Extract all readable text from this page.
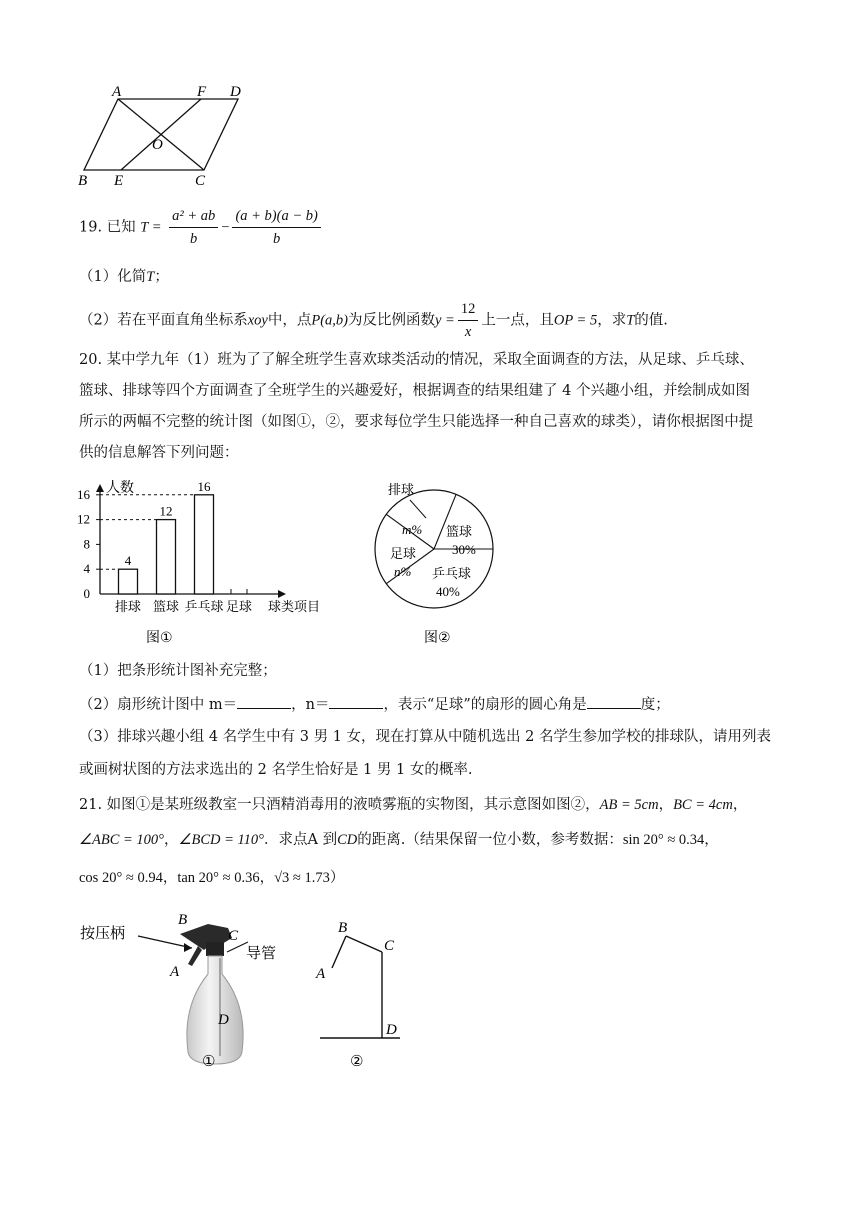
A	F D
O
B E	C
19. 已知 $T = \frac{\text{a² + ab}}{b} - \frac{(a + b)(a - b)}{b}$
（1）化简T；
（2）若在平面直角坐标系xoy中，点P(a,b)为反比例函数$y = \frac{12}{x}$ 上一点，且OP = 5，求T的值.
20. 某中学九年（1）班为了了解全班学生喜欢球类活动的情况，采取全面调查的方法，从足球、乒乓球、
篮球、排球等四个方面调查了全班学生的兴趣爱好，根据调查的结果组建了 4 个兴趣小组，并绘制成如图
所示的两幅不完整的统计图（如图①，②，要求每位学生只能选择一种自己喜欢的球类），请你根据图中提
供的信息解答下列问题：
人数
0
4
8
12
16
4
排球
12
篮球
16
乒乓球 足球 球类项目
图①
排球
m% 篮球
30%
乒乓球
40%
足球
n%
图②
（1）把条形统计图补充完整；
（2）扇形统计图中 m＝	，n＝	，表示“足球”的扇形的圆心角是	度；
（3）排球兴趣小组 4 名学生中有 3 男 1 女，现在打算从中随机选出 2 名学生参加学校的排球队，请用列表
或画树状图的方法求选出的 2 名学生恰好是 1 男 1 女的概率.
21. 如图①是某班级教室一只酒精消毒用的液喷雾瓶的实物图，其示意图如图②，AB = 5cm，BC = 4cm，
∠ABC = 100°，∠BCD = 110°．求点A 到CD的距离.（结果保留一位小数，参考数据：sin 20° ≈ 0.34，
cos 20° ≈ 0.94，tan 20° ≈ 0.36，√3 ≈ 1.73）
按压柄
导管
A
B
C
D
①
A
B
C
D
②
